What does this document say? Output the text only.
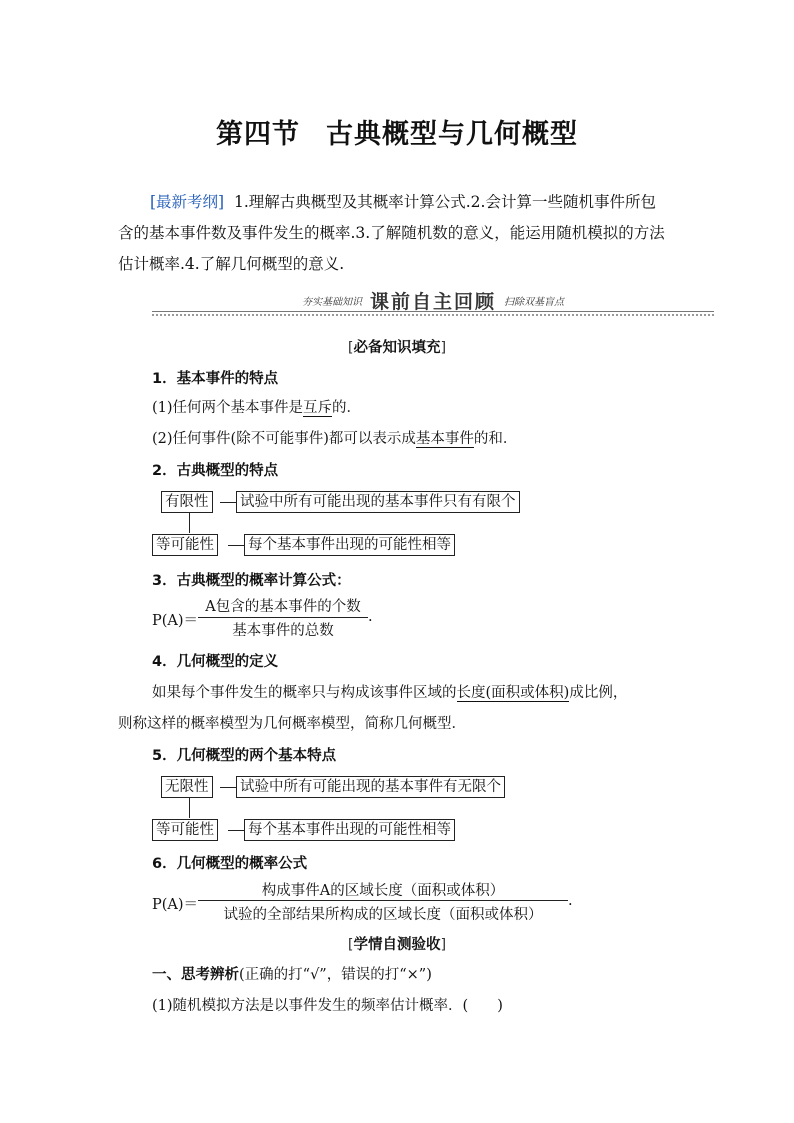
第四节 古典概型与几何概型
[最新考纲] 1.理解古典概型及其概率计算公式.2.会计算一些随机事件所包
含的基本事件数及事件发生的概率.3.了解随机数的意义，能运用随机模拟的方法
估计概率.4.了解几何概型的意义.
夯实基础知识 课前自主回顾 扫除双基盲点
[必备知识填充]
1．基本事件的特点
(1)任何两个基本事件是互斥的．
(2)任何事件(除不可能事件)都可以表示成基本事件的和．
2．古典概型的特点
有限性 试验中所有可能出现的基本事件只有有限个
等可能性 每个基本事件出现的可能性相等
3．古典概型的概率计算公式：
P(A)＝
A包含的基本事件的个数
基本事件的总数
.
4．几何概型的定义
如果每个事件发生的概率只与构成该事件区域的长度(面积或体积)成比例，
则称这样的概率模型为几何概率模型，简称几何概型．
5．几何概型的两个基本特点
无限性 试验中所有可能出现的基本事件有无限个
等可能性 每个基本事件出现的可能性相等
6．几何概型的概率公式
P(A)＝
构成事件A的区域长度（面积或体积）
试验的全部结果所构成的区域长度（面积或体积）
.
[学情自测验收]
一、思考辨析(正确的打“√”，错误的打“×”)
(1)随机模拟方法是以事件发生的频率估计概率．(　　)
